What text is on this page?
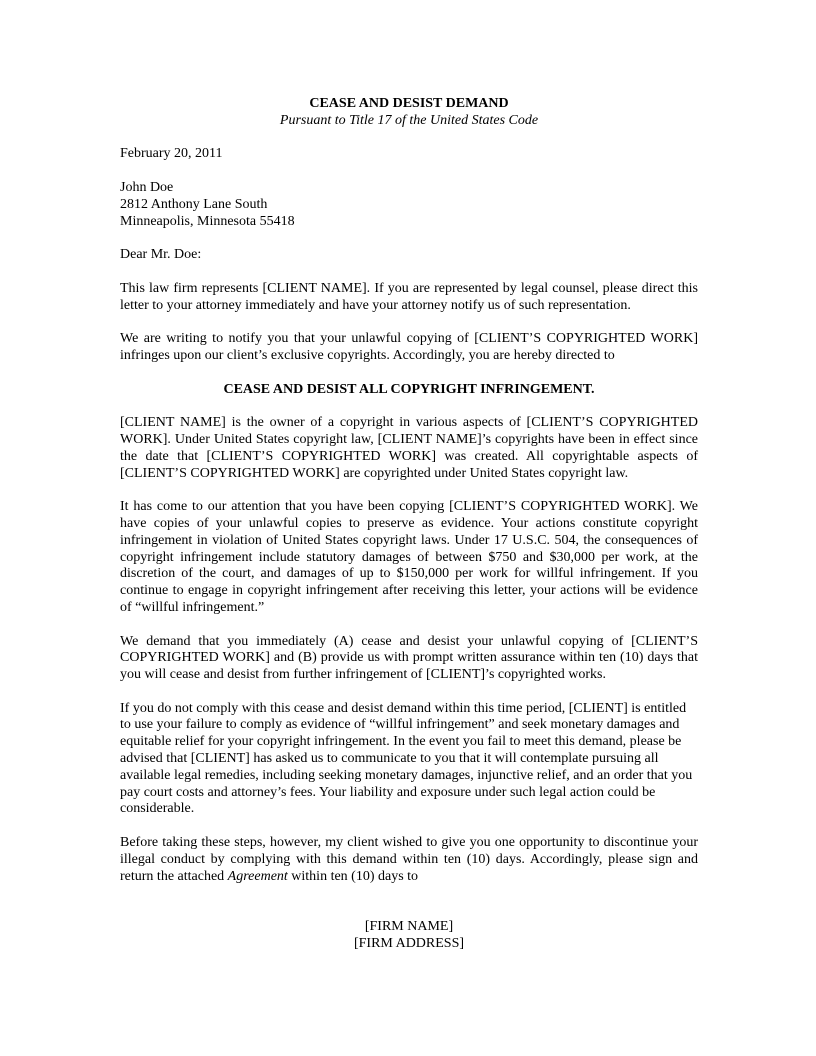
CEASE AND DESIST DEMAND
Pursuant to Title 17 of the United States Code
February 20, 2011
John Doe
2812 Anthony Lane South
Minneapolis, Minnesota 55418
Dear Mr. Doe:

This law firm represents [CLIENT NAME]. If you are represented by legal counsel, please direct this letter to your attorney immediately and have your attorney notify us of such representation.

We are writing to notify you that your unlawful copying of [CLIENT’S COPYRIGHTED WORK] infringes upon our client’s exclusive copyrights. Accordingly, you are hereby directed to

CEASE AND DESIST ALL COPYRIGHT INFRINGEMENT.

[CLIENT NAME] is the owner of a copyright in various aspects of [CLIENT’S COPYRIGHTED WORK]. Under United States copyright law, [CLIENT NAME]’s copyrights have been in effect since the date that [CLIENT’S COPYRIGHTED WORK] was created. All copyrightable aspects of [CLIENT’S COPYRIGHTED WORK] are copyrighted under United States copyright law.

It has come to our attention that you have been copying [CLIENT’S COPYRIGHTED WORK]. We have copies of your unlawful copies to preserve as evidence. Your actions constitute copyright infringement in violation of United States copyright laws. Under 17 U.S.C. 504, the consequences of copyright infringement include statutory damages of between $750 and $30,000 per work, at the discretion of the court, and damages of up to $150,000 per work for willful infringement. If you continue to engage in copyright infringement after receiving this letter, your actions will be evidence of “willful infringement.”

We demand that you immediately (A) cease and desist your unlawful copying of [CLIENT’S COPYRIGHTED WORK] and (B) provide us with prompt written assurance within ten (10) days that you will cease and desist from further infringement of [CLIENT]’s copyrighted works.

If you do not comply with this cease and desist demand within this time period, [CLIENT] is entitled to use your failure to comply as evidence of “willful infringement” and seek monetary damages and equitable relief for your copyright infringement. In the event you fail to meet this demand, please be advised that [CLIENT] has asked us to communicate to you that it will contemplate pursuing all available legal remedies, including seeking monetary damages, injunctive relief, and an order that you pay court costs and attorney’s fees. Your liability and exposure under such legal action could be considerable.

Before taking these steps, however, my client wished to give you one opportunity to discontinue your illegal conduct by complying with this demand within ten (10) days. Accordingly, please sign and return the attached Agreement within ten (10) days to

[FIRM NAME]
[FIRM ADDRESS]
